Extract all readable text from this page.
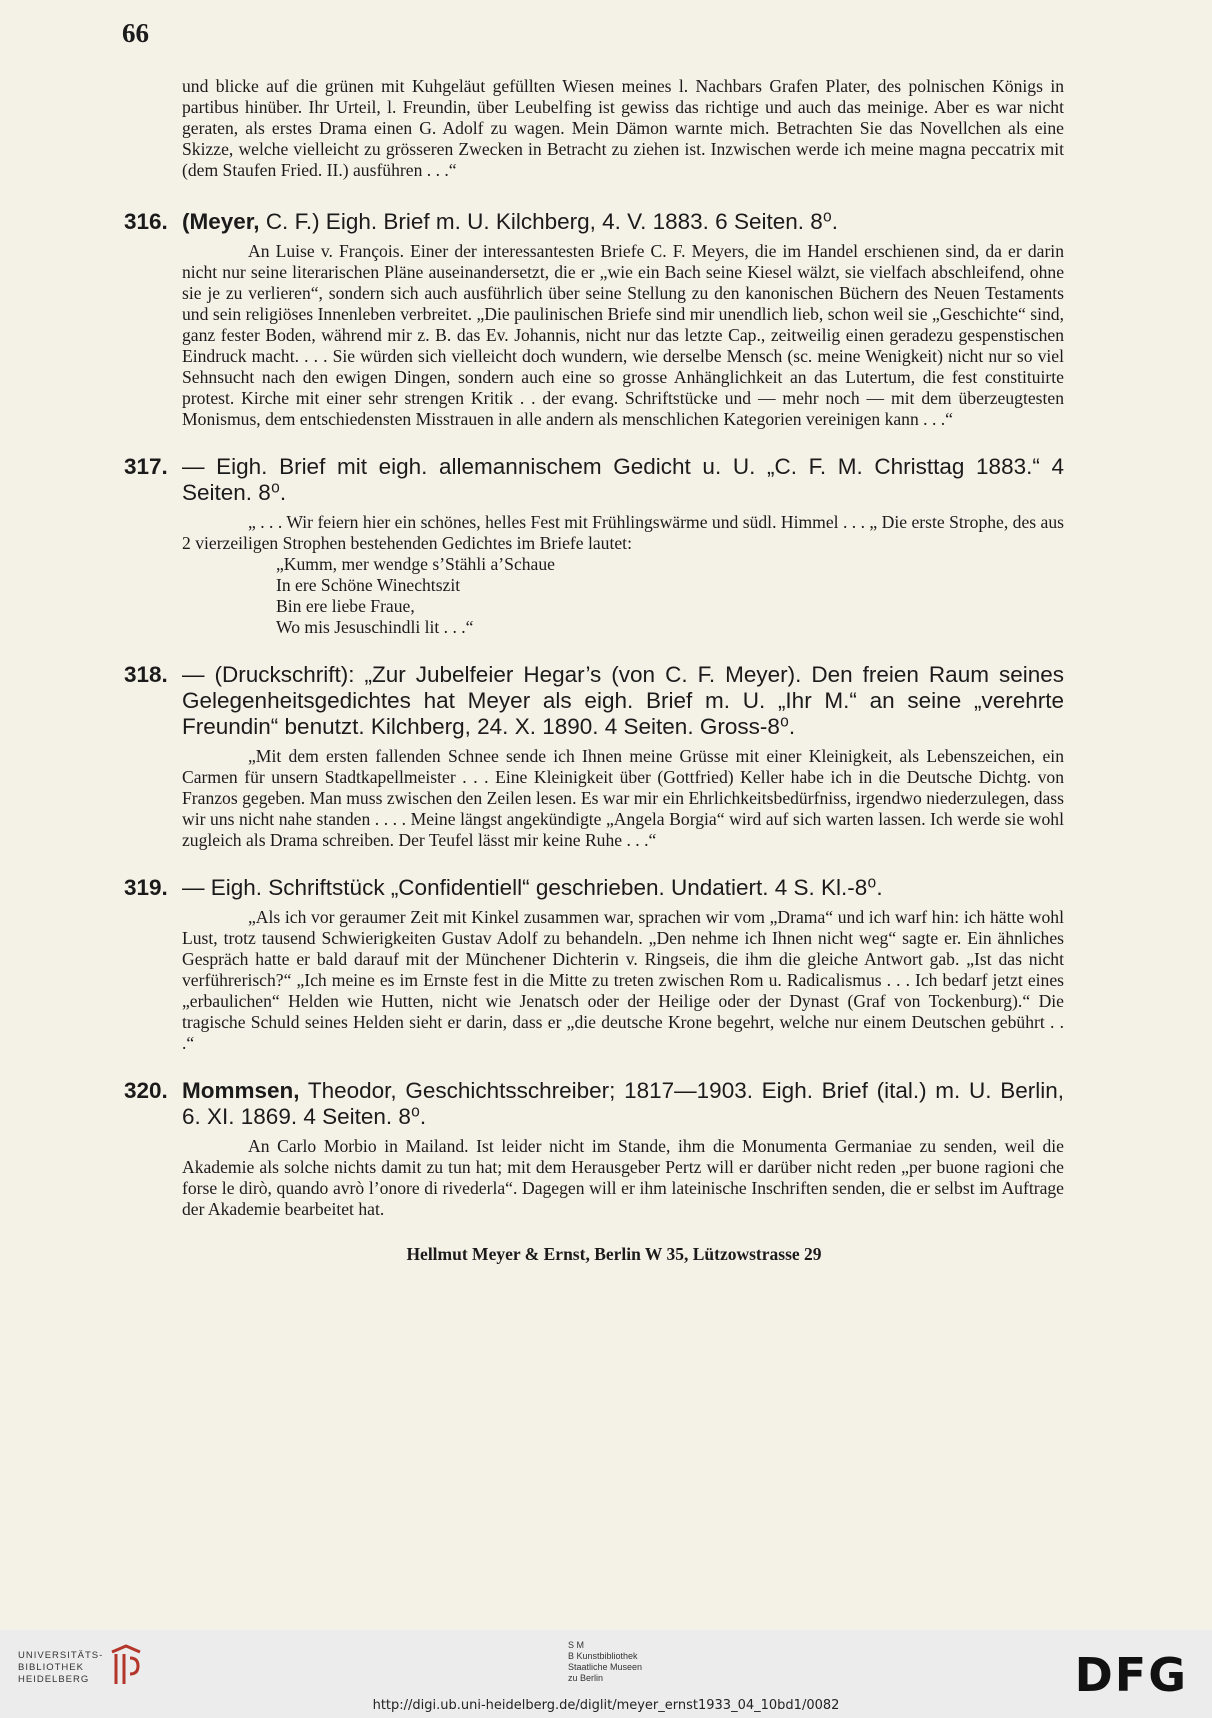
66

und blicke auf die grünen mit Kuhgeläut gefüllten Wiesen meines l. Nachbars Grafen Plater, des polnischen Königs in partibus hinüber. Ihr Urteil, l. Freundin, über Leubelfing ist gewiss das richtige und auch das meinige. Aber es war nicht geraten, als erstes Drama einen G. Adolf zu wagen. Mein Dämon warnte mich. Betrachten Sie das Novellchen als eine Skizze, welche vielleicht zu grösseren Zwecken in Betracht zu ziehen ist. Inzwischen werde ich meine magna peccatrix mit (dem Staufen Fried. II.) ausführen . . .“

316. (Meyer, C. F.) Eigh. Brief m. U. Kilchberg, 4. V. 1883. 6 Seiten. 8⁰.

An Luise v. François. Einer der interessantesten Briefe C. F. Meyers, die im Handel erschienen sind, da er darin nicht nur seine literarischen Pläne auseinandersetzt, die er „wie ein Bach seine Kiesel wälzt, sie vielfach abschleifend, ohne sie je zu verlieren“, sondern sich auch ausführlich über seine Stellung zu den kanonischen Büchern des Neuen Testaments und sein religiöses Innenleben verbreitet. „Die paulinischen Briefe sind mir unendlich lieb, schon weil sie „Geschichte“ sind, ganz fester Boden, während mir z. B. das Ev. Johannis, nicht nur das letzte Cap., zeitweilig einen geradezu gespenstischen Eindruck macht. . . . Sie würden sich vielleicht doch wundern, wie derselbe Mensch (sc. meine Wenigkeit) nicht nur so viel Sehnsucht nach den ewigen Dingen, sondern auch eine so grosse Anhänglichkeit an das Lutertum, die fest constituirte protest. Kirche mit einer sehr strengen Kritik . . der evang. Schriftstücke und — mehr noch — mit dem überzeugtesten Monismus, dem entschiedensten Misstrauen in alle andern als menschlichen Kategorien vereinigen kann . . .“

317. — Eigh. Brief mit eigh. allemannischem Gedicht u. U. „C. F. M. Christtag 1883.“ 4 Seiten. 8⁰.

„ . . . Wir feiern hier ein schönes, helles Fest mit Frühlingswärme und südl. Himmel . . . „ Die erste Strophe, des aus 2 vierzeiligen Strophen bestehenden Gedichtes im Briefe lautet:

„Kumm, mer wendge s’Stähli a’Schaue
In ere Schöne Winechtszit
Bin ere liebe Fraue,
Wo mis Jesuschindli lit . . .“
318. — (Druckschrift): „Zur Jubelfeier Hegar’s (von C. F. Meyer). Den freien Raum seines Gelegenheitsgedichtes hat Meyer als eigh. Brief m. U. „Ihr M.“ an seine „verehrte Freundin“ benutzt. Kilchberg, 24. X. 1890. 4 Seiten. Gross-8⁰.

„Mit dem ersten fallenden Schnee sende ich Ihnen meine Grüsse mit einer Kleinigkeit, als Lebenszeichen, ein Carmen für unsern Stadtkapellmeister . . . Eine Kleinigkeit über (Gottfried) Keller habe ich in die Deutsche Dichtg. von Franzos gegeben. Man muss zwischen den Zeilen lesen. Es war mir ein Ehrlichkeitsbedürfniss, irgendwo niederzulegen, dass wir uns nicht nahe standen . . . . Meine längst angekündigte „Angela Borgia“ wird auf sich warten lassen. Ich werde sie wohl zugleich als Drama schreiben. Der Teufel lässt mir keine Ruhe . . .“

319. — Eigh. Schriftstück „Confidentiell“ geschrieben. Undatiert. 4 S. Kl.-8⁰.

„Als ich vor geraumer Zeit mit Kinkel zusammen war, sprachen wir vom „Drama“ und ich warf hin: ich hätte wohl Lust, trotz tausend Schwierigkeiten Gustav Adolf zu behandeln. „Den nehme ich Ihnen nicht weg“ sagte er. Ein ähnliches Gespräch hatte er bald darauf mit der Münchener Dichterin v. Ringseis, die ihm die gleiche Antwort gab. „Ist das nicht verführerisch?“ „Ich meine es im Ernste fest in die Mitte zu treten zwischen Rom u. Radicalismus . . . Ich bedarf jetzt eines „erbaulichen“ Helden wie Hutten, nicht wie Jenatsch oder der Heilige oder der Dynast (Graf von Tockenburg).“ Die tragische Schuld seines Helden sieht er darin, dass er „die deutsche Krone begehrt, welche nur einem Deutschen gebührt . . .“

320. Mommsen, Theodor, Geschichtsschreiber; 1817—1903. Eigh. Brief (ital.) m. U. Berlin, 6. XI. 1869. 4 Seiten. 8⁰.

An Carlo Morbio in Mailand. Ist leider nicht im Stande, ihm die Monumenta Germaniae zu senden, weil die Akademie als solche nichts damit zu tun hat; mit dem Herausgeber Pertz will er darüber nicht reden „per buone ragioni che forse le dirò, quando avrò l’onore di rivederla“. Dagegen will er ihm lateinische Inschriften senden, die er selbst im Auftrage der Akademie bearbeitet hat.

Hellmut Meyer & Ernst, Berlin W 35, Lützowstrasse 29

UNIVERSITÄTS-
BIBLIOTHEK
HEIDELBERG
S M
B Kunstbibliothek
Staatliche Museen
zu Berlin	DFG
http://digi.ub.uni-heidelberg.de/diglit/meyer_ernst1933_04_10bd1/0082
